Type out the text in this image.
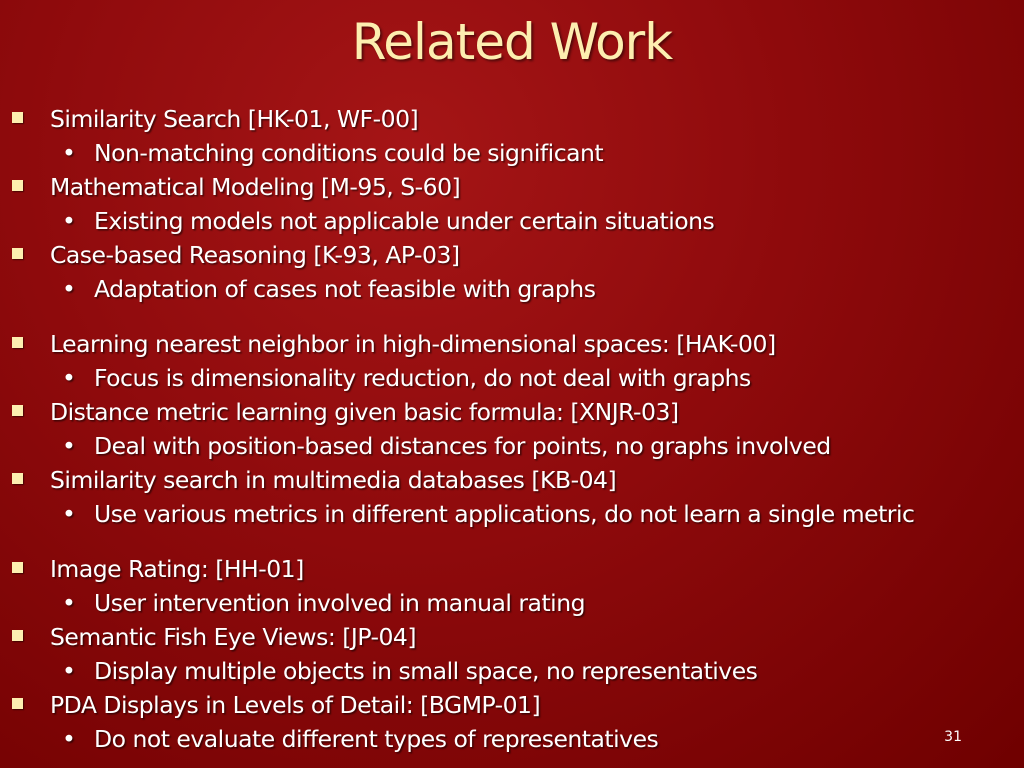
Related Work
Similarity Search [HK-01, WF-00]
• Non-matching conditions could be significant
Mathematical Modeling [M-95, S-60]
• Existing models not applicable under certain situations
Case-based Reasoning [K-93, AP-03]
• Adaptation of cases not feasible with graphs
Learning nearest neighbor in high-dimensional spaces: [HAK-00]
• Focus is dimensionality reduction, do not deal with graphs
Distance metric learning given basic formula: [XNJR-03]
• Deal with position-based distances for points, no graphs involved
Similarity search in multimedia databases [KB-04]
• Use various metrics in different applications, do not learn a single metric
Image Rating: [HH-01]
• User intervention involved in manual rating
Semantic Fish Eye Views: [JP-04]
• Display multiple objects in small space, no representatives
PDA Displays in Levels of Detail: [BGMP-01]
• Do not evaluate different types of representatives	31
